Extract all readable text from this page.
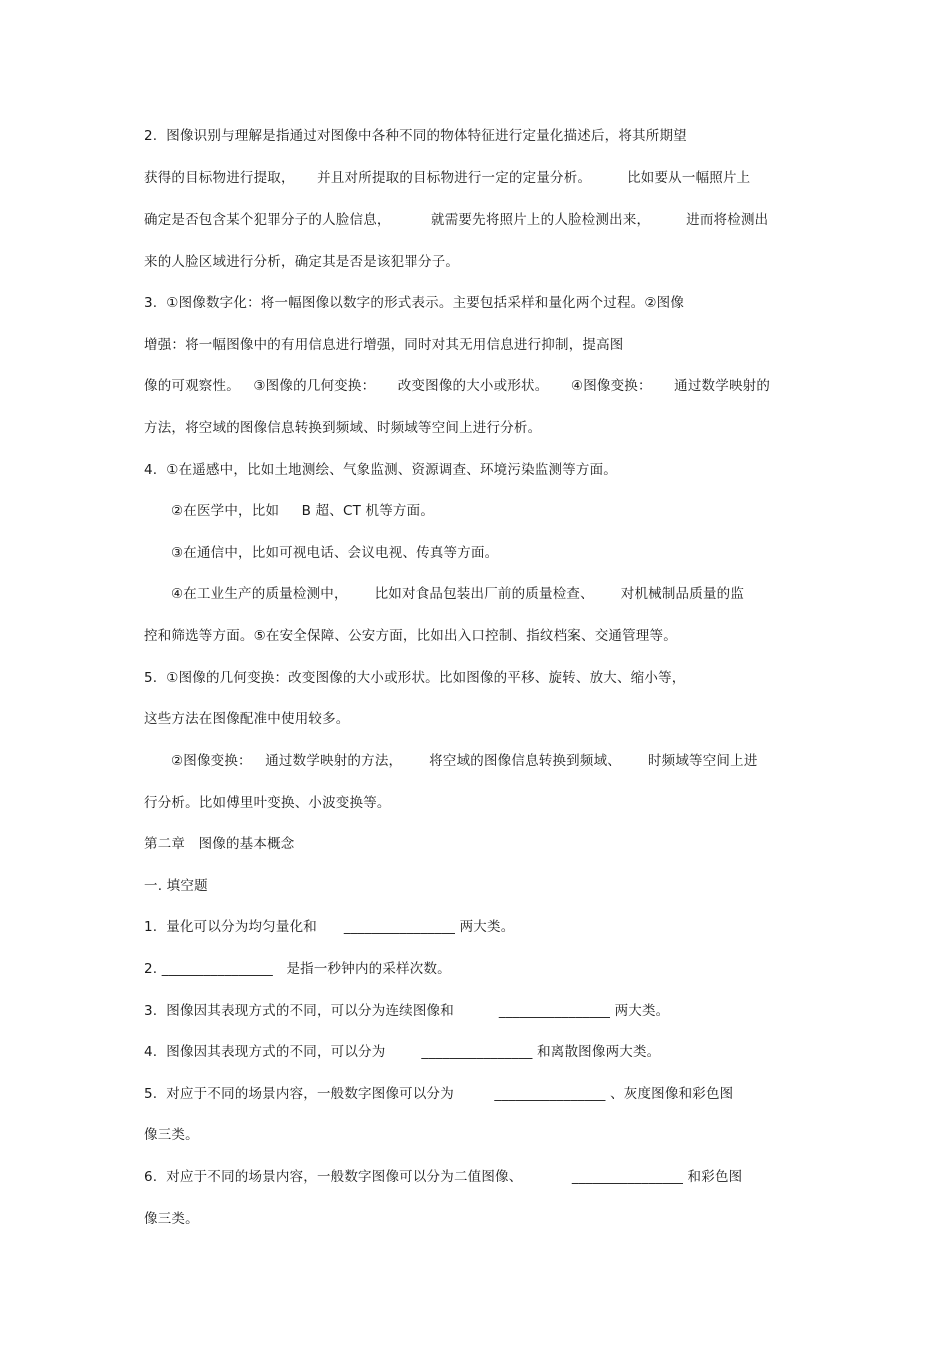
2.  图像识别与理解是指通过对图像中各种不同的物体特征进行定量化描述后，将其所期望
获得的目标物进行提取，     并且对所提取的目标物进行一定的定量分析。        比如要从一幅照片上
确定是否包含某个犯罪分子的人脸信息，         就需要先将照片上的人脸检测出来，        进而将检测出
来的人脸区域进行分析，确定其是否是该犯罪分子。
3.  ①图像数字化：将一幅图像以数字的形式表示。主要包括采样和量化两个过程。②图像
增强：将一幅图像中的有用信息进行增强，同时对其无用信息进行抑制，提高图
像的可观察性。   ③图像的几何变换：     改变图像的大小或形状。     ④图像变换：     通过数学映射的
方法，将空域的图像信息转换到频域、时频域等空间上进行分析。
4.  ①在遥感中，比如土地测绘、气象监测、资源调查、环境污染监测等方面。
②在医学中，比如     B 超、CT 机等方面。
③在通信中，比如可视电话、会议电视、传真等方面。
④在工业生产的质量检测中，      比如对食品包装出厂前的质量检查、      对机械制品质量的监
控和筛选等方面。⑤在安全保障、公安方面，比如出入口控制、指纹档案、交通管理等。
5.  ①图像的几何变换：改变图像的大小或形状。比如图像的平移、旋转、放大、缩小等，
这些方法在图像配准中使用较多。
②图像变换：   通过数学映射的方法，      将空域的图像信息转换到频域、      时频域等空间上进
行分析。比如傅里叶变换、小波变换等。
第二章   图像的基本概念
一. 填空题
1.  量化可以分为均匀量化和      ________________ 两大类。
2. ________________   是指一秒钟内的采样次数。
3.  图像因其表现方式的不同，可以分为连续图像和          ________________ 两大类。
4.  图像因其表现方式的不同，可以分为        ________________ 和离散图像两大类。
5.  对应于不同的场景内容，一般数字图像可以分为         ________________ 、灰度图像和彩色图
像三类。
6.  对应于不同的场景内容，一般数字图像可以分为二值图像、           ________________ 和彩色图
像三类。
